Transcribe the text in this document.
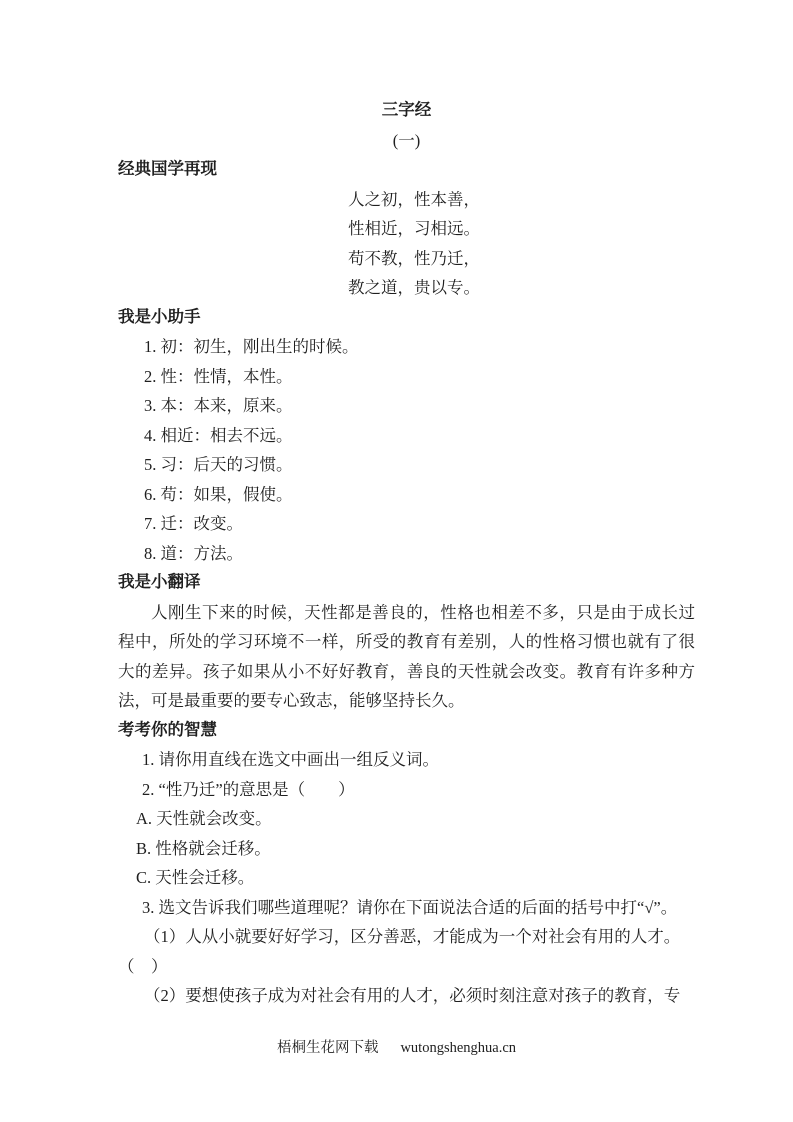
三字经
(一)
经典国学再现
人之初，性本善，
性相近，习相远。
苟不教，性乃迁，
教之道，贵以专。
我是小助手
1. 初：初生，刚出生的时候。
2. 性：性情，本性。
3. 本：本来，原来。
4. 相近：相去不远。
5. 习：后天的习惯。
6. 苟：如果，假使。
7. 迁：改变。
8. 道：方法。
我是小翻译

人刚生下来的时候，天性都是善良的，性格也相差不多，只是由于成长过程中，所处的学习环境不一样，所受的教育有差别，人的性格习惯也就有了很大的差异。孩子如果从小不好好教育，善良的天性就会改变。教育有许多种方法，可是最重要的要专心致志，能够坚持长久。

考考你的智慧
1. 请你用直线在选文中画出一组反义词。
2. “性乃迁”的意思是（　　）
A. 天性就会改变。
B. 性格就会迁移。
C. 天性会迁移。
3. 选文告诉我们哪些道理呢？请你在下面说法合适的后面的括号中打“√”。
（1）人从小就要好好学习，区分善恶，才能成为一个对社会有用的人才。
（　）
（2）要想使孩子成为对社会有用的人才，必须时刻注意对孩子的教育，专
梧桐生花网下载 wutongshenghua.cn
